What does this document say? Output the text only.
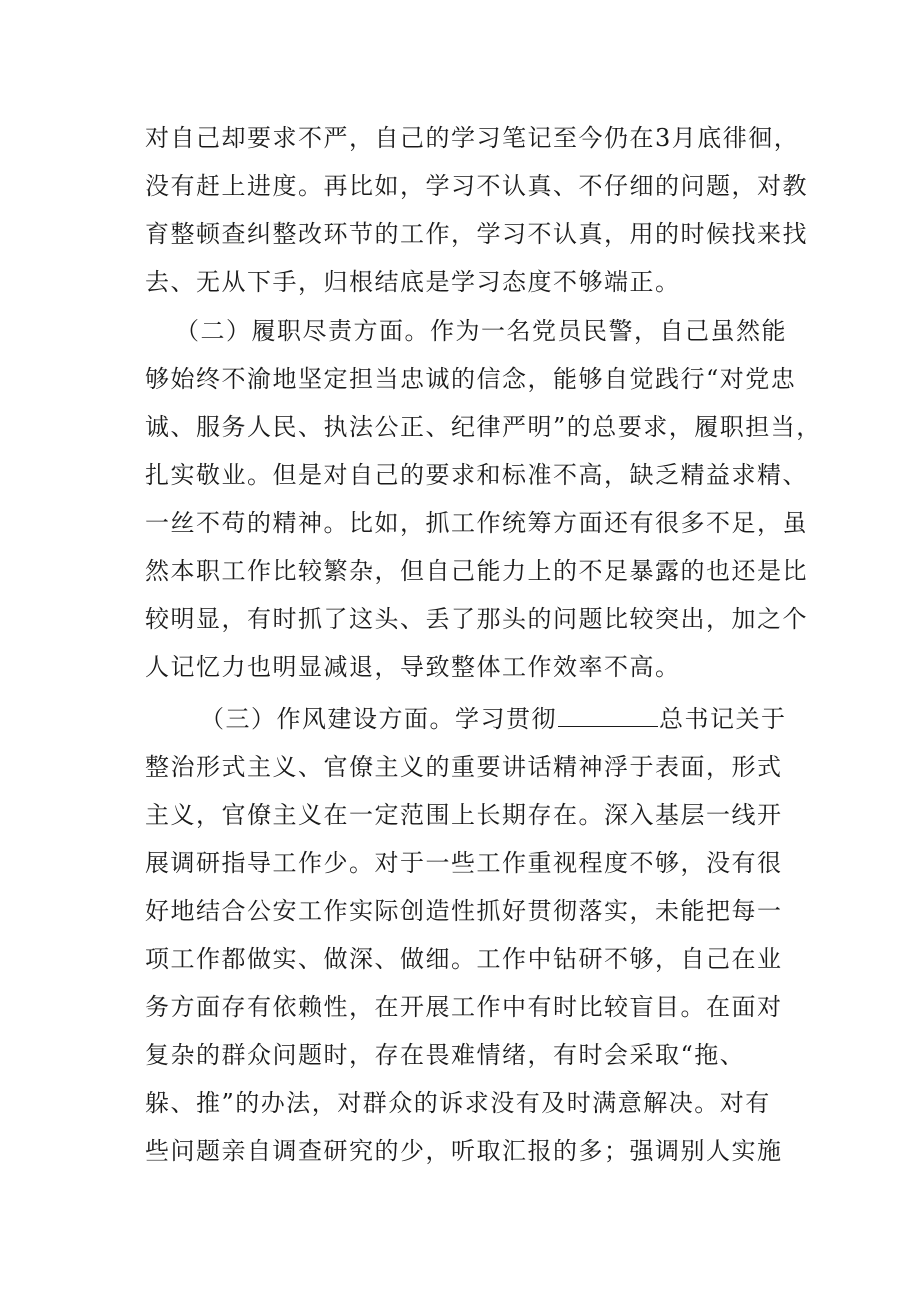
对自己却要求不严，自己的学习笔记至今仍在3月底徘徊，
没有赶上进度。再比如，学习不认真、不仔细的问题，对教
育整顿查纠整改环节的工作，学习不认真，用的时候找来找
去、无从下手，归根结底是学习态度不够端正。
（二）履职尽责方面。作为一名党员民警，自己虽然能
够始终不渝地坚定担当忠诚的信念，能够自觉践行“对党忠
诚、服务人民、执法公正、纪律严明”的总要求，履职担当，
扎实敬业。但是对自己的要求和标准不高，缺乏精益求精、
一丝不苟的精神。比如，抓工作统筹方面还有很多不足，虽
然本职工作比较繁杂，但自己能力上的不足暴露的也还是比
较明显，有时抓了这头、丢了那头的问题比较突出，加之个
人记忆力也明显减退，导致整体工作效率不高。
（三）作风建设方面。学习贯彻	总书记关于
整治形式主义、官僚主义的重要讲话精神浮于表面，形式
主义，官僚主义在一定范围上长期存在。深入基层一线开
展调研指导工作少。对于一些工作重视程度不够，没有很
好地结合公安工作实际创造性抓好贯彻落实，未能把每一
项工作都做实、做深、做细。工作中钻研不够，自己在业
务方面存有依赖性，在开展工作中有时比较盲目。在面对
复杂的群众问题时，存在畏难情绪，有时会采取“拖、
躲、推”的办法，对群众的诉求没有及时满意解决。对有
些问题亲自调查研究的少，听取汇报的多；强调别人实施
